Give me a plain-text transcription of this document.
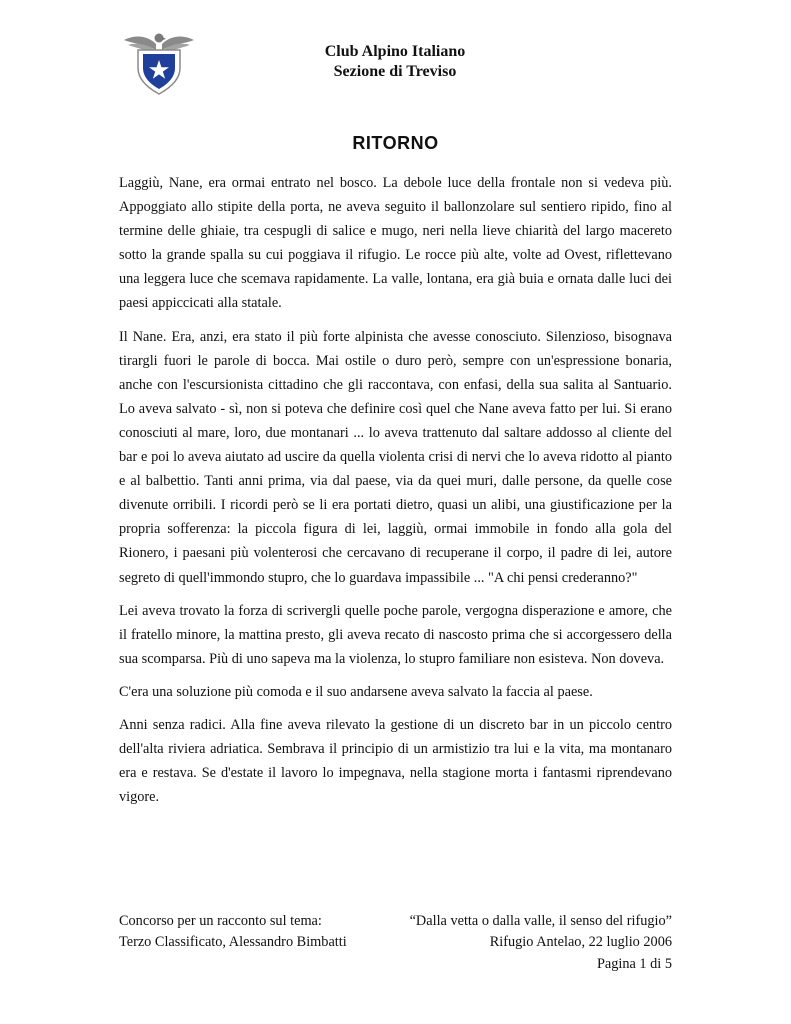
Club Alpino Italiano
Sezione di Treviso
RITORNO

Laggiù, Nane, era ormai entrato nel bosco. La debole luce della frontale non si vedeva più. Appoggiato allo stipite della porta, ne aveva seguito il ballonzolare sul sentiero ripido, fino al termine delle ghiaie, tra cespugli di salice e mugo, neri nella lieve chiarità del largo macereto sotto la grande spalla su cui poggiava il rifugio. Le rocce più alte, volte ad Ovest, riflettevano una leggera luce che scemava rapidamente. La valle, lontana, era già buia e ornata dalle luci dei paesi appiccicati alla statale.

Il Nane. Era, anzi, era stato il più forte alpinista che avesse conosciuto. Silenzioso, bisognava tirargli fuori le parole di bocca. Mai ostile o duro però, sempre con un'espressione bonaria, anche con l'escursionista cittadino che gli raccontava, con enfasi, della sua salita al Santuario. Lo aveva salvato - sì, non si poteva che definire così quel che Nane aveva fatto per lui. Si erano conosciuti al mare, loro, due montanari ... lo aveva trattenuto dal saltare addosso al cliente del bar e poi lo aveva aiutato ad uscire da quella violenta crisi di nervi che lo aveva ridotto al pianto e al balbettio. Tanti anni prima, via dal paese, via da quei muri, dalle persone, da quelle cose divenute orribili. I ricordi però se li era portati dietro, quasi un alibi, una giustificazione per la propria sofferenza: la piccola figura di lei, laggiù, ormai immobile in fondo alla gola del Rionero, i paesani più volenterosi che cercavano di recuperane il corpo, il padre di lei, autore segreto di quell'immondo stupro, che lo guardava impassibile ... "A chi pensi crederanno?"

Lei aveva trovato la forza di scrivergli quelle poche parole, vergogna disperazione e amore, che il fratello minore, la mattina presto, gli aveva recato di nascosto prima che si accorgessero della sua scomparsa. Più di uno sapeva ma la violenza, lo stupro familiare non esisteva. Non doveva.

C'era una soluzione più comoda e il suo andarsene aveva salvato la faccia al paese.

Anni senza radici. Alla fine aveva rilevato la gestione di un discreto bar in un piccolo centro dell'alta riviera adriatica. Sembrava il principio di un armistizio tra lui e la vita, ma montanaro era e restava. Se d'estate il lavoro lo impegnava, nella stagione morta i fantasmi riprendevano vigore.

Concorso per un racconto sul tema:	“Dalla vetta o dalla valle, il senso del rifugio”
Terzo Classificato, Alessandro Bimbatti	Rifugio Antelao, 22 luglio 2006
Pagina 1 di 5
